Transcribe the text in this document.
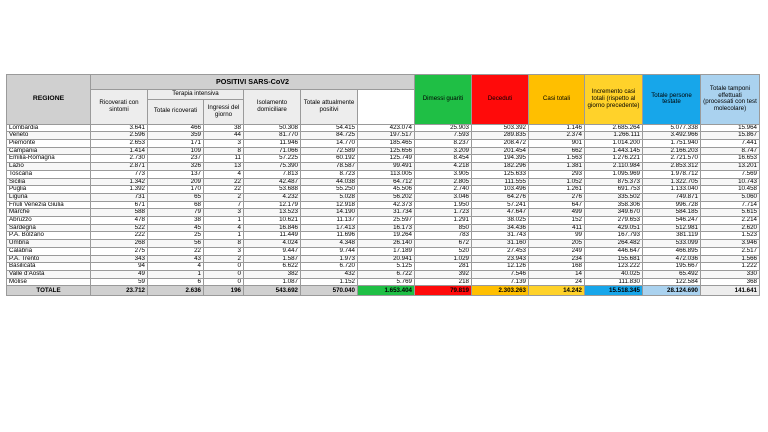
REGIONE	POSITIVI SARS-CoV2						Dimessi guariti	Deceduti	Casi totali	Incremento casi totali (rispetto al giorno precedente)	Totale persone testate	Totale tamponi effettuati (processati con test molecolare)	
	Ricoverati con sintomi	Terapia intensiva		Isolamento domiciliare	Totale attualmente positivi								
		Totale ricoverati	Ingressi del giorno										
Lombardia	3.641	466	38	50.308	54.415	423.074	25.903	503.392	1.146	2.685.264	5.077.338	15.964	
Veneto	2.596	359	44	81.770	84.725	197.517	7.593	289.835	2.374	1.266.111	3.492.966	15.867	
Piemonte	2.653	171	3	11.946	14.770	185.465	8.237	208.472	901	1.014.200	1.751.940	7.441	
Campania	1.414	109	8	71.066	72.589	125.656	3.209	201.454	662	1.443.145	2.166.203	8.747	
Emilia-Romagna	2.730	237	11	57.225	60.192	125.749	8.454	194.395	1.563	1.276.221	2.721.570	16.653	
Lazio	2.871	326	13	75.390	78.587	99.491	4.218	182.296	1.381	2.110.984	2.853.312	13.201	
Toscana	773	137	4	7.813	8.723	113.005	3.905	125.633	293	1.095.969	1.978.712	7.569	
Sicilia	1.342	209	22	42.487	44.038	64.712	2.805	111.555	1.052	875.373	1.322.705	10.743	
Puglia	1.392	170	22	53.688	55.250	45.506	2.740	103.496	1.261	691.753	1.133.040	10.458	
Liguria	731	65	2	4.232	5.028	56.202	3.046	64.276	276	335.502	749.871	5.060	
Friuli Venezia Giulia	671	68	7	12.179	12.918	42.373	1.950	57.241	647	358.306	996.728	7.714	
Marche	588	79	3	13.523	14.190	31.734	1.723	47.647	499	349.670	584.185	5.615	
Abruzzo	478	38	1	10.621	11.137	25.597	1.291	38.025	152	279.653	546.247	2.214	
Sardegna	522	45	4	16.846	17.413	16.173	850	34.436	411	429.051	512.981	2.620	
P.A. Bolzano	222	25	1	11.449	11.696	19.264	783	31.743	99	167.793	381.119	1.523	
Umbria	268	56	8	4.024	4.348	26.140	672	31.160	205	264.482	533.099	3.946	
Calabria	275	22	3	9.447	9.744	17.189	520	27.453	249	446.647	466.895	2.517	
P.A. Trento	343	43	2	1.587	1.973	20.941	1.029	23.943	234	155.681	472.036	1.566	
Basilicata	94	4	0	6.622	6.720	5.125	281	12.126	168	123.222	195.667	1.222	
Valle d'Aosta	49	1	0	382	432	6.722	392	7.546	14	40.025	65.492	330	
Molise	59	6	0	1.087	1.152	5.769	218	7.139	24	111.830	122.584	368	
TOTALE	23.712	2.636	196	543.692	570.040	1.653.404	79.819	2.303.263	14.242	15.518.345	28.124.690	141.641	
